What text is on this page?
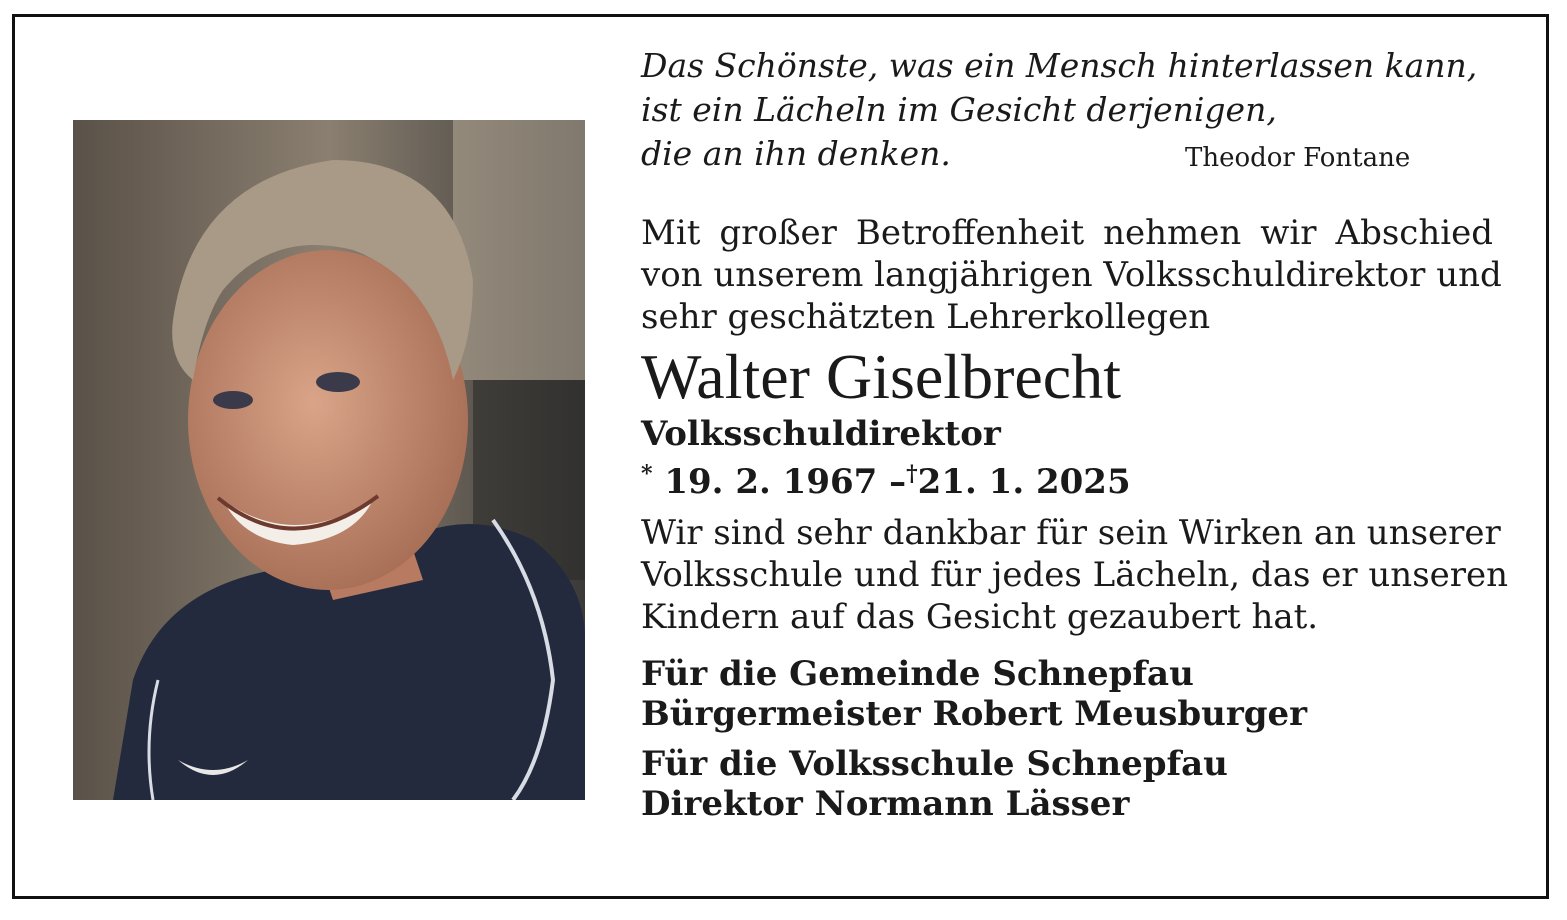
Das Schönste, was ein Mensch hinterlassen kann,
ist ein Lächeln im Gesicht derjenigen,
die an ihn denken.	Theodor Fontane
Mit großer Betroffenheit nehmen wir Abschied
von unserem langjährigen Volksschuldirektor und
sehr geschätzten Lehrerkollegen
Walter Giselbrecht
Volksschuldirektor
* 19. 2. 1967 –†21. 1. 2025
Wir sind sehr dankbar für sein Wirken an unserer
Volksschule und für jedes Lächeln, das er unseren
Kindern auf das Gesicht gezaubert hat.
Für die Gemeinde Schnepfau
Bürgermeister Robert Meusburger
Für die Volksschule Schnepfau
Direktor Normann Lässer
